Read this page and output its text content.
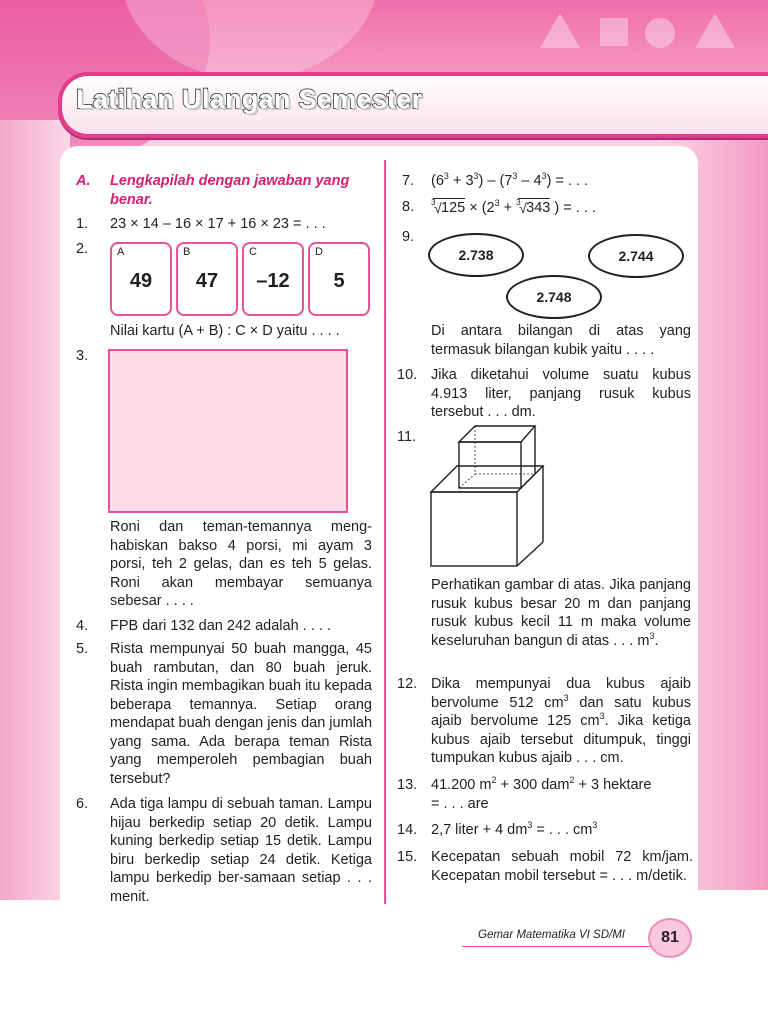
Latihan Ulangan Semester
A. Lengkapilah dengan jawaban yang
benar.
1. 23 × 14 – 16 × 17 + 16 × 23 = . . .
2.	A
49
B
47
C
–12
D
5
Nilai kartu (A + B) : C × D yaitu . . . .
3.
Roni dan teman-temannya meng-habiskan bakso 4 porsi, mi ayam 3 porsi, teh 2 gelas, dan es teh 5 gelas. Roni akan membayar semuanya sebesar . . . .
4. FPB dari 132 dan 242 adalah . . . .
5. Rista mempunyai 50 buah mangga, 45 buah rambutan, dan 80 buah jeruk. Rista ingin membagikan buah itu kepada beberapa temannya. Setiap orang mendapat buah dengan jenis dan jumlah yang sama. Ada berapa teman Rista yang memperoleh pembagian buah tersebut?
6. Ada tiga lampu di sebuah taman. Lampu hijau berkedip setiap 20 detik. Lampu kuning berkedip setiap 15 detik. Lampu biru berkedip setiap 24 detik. Ketiga lampu berkedip ber-samaan setiap . . . menit.
7. $(6^3 + 3^3) - (7^3 - 4^3)$ = . . .
8. 3
√ $125 \times (2^3 + 3$
√ 343 ) = . . .
9.
2.738	2.744
2.748
Di antara bilangan di atas yang termasuk bilangan kubik yaitu . . . .
10. Jika diketahui volume suatu kubus 4.913 liter, panjang rusuk kubus tersebut . . . dm.
11.
Perhatikan gambar di atas. Jika panjang rusuk kubus besar 20 m dan panjang rusuk kubus kecil 11 m maka volume keseluruhan bangun di atas . . . $m^3$.
12. Dika mempunyai dua kubus ajaib bervolume 512 $cm^3$ dan satu kubus ajaib bervolume 125 $cm^3$. Jika ketiga kubus ajaib tersebut ditumpuk, tinggi tumpukan kubus ajaib . . . cm.
13. 41.200 $m^2 + 300$ dam$^2$ + 3 hektare
= . . . are
14. 2,7 liter + 4 $dm^3$ = . . . $cm^3$
15. Kecepatan sebuah mobil 72 km/jam. Kecepatan mobil tersebut = . . . m/detik.
Gemar Matematika VI SD/MI	81
